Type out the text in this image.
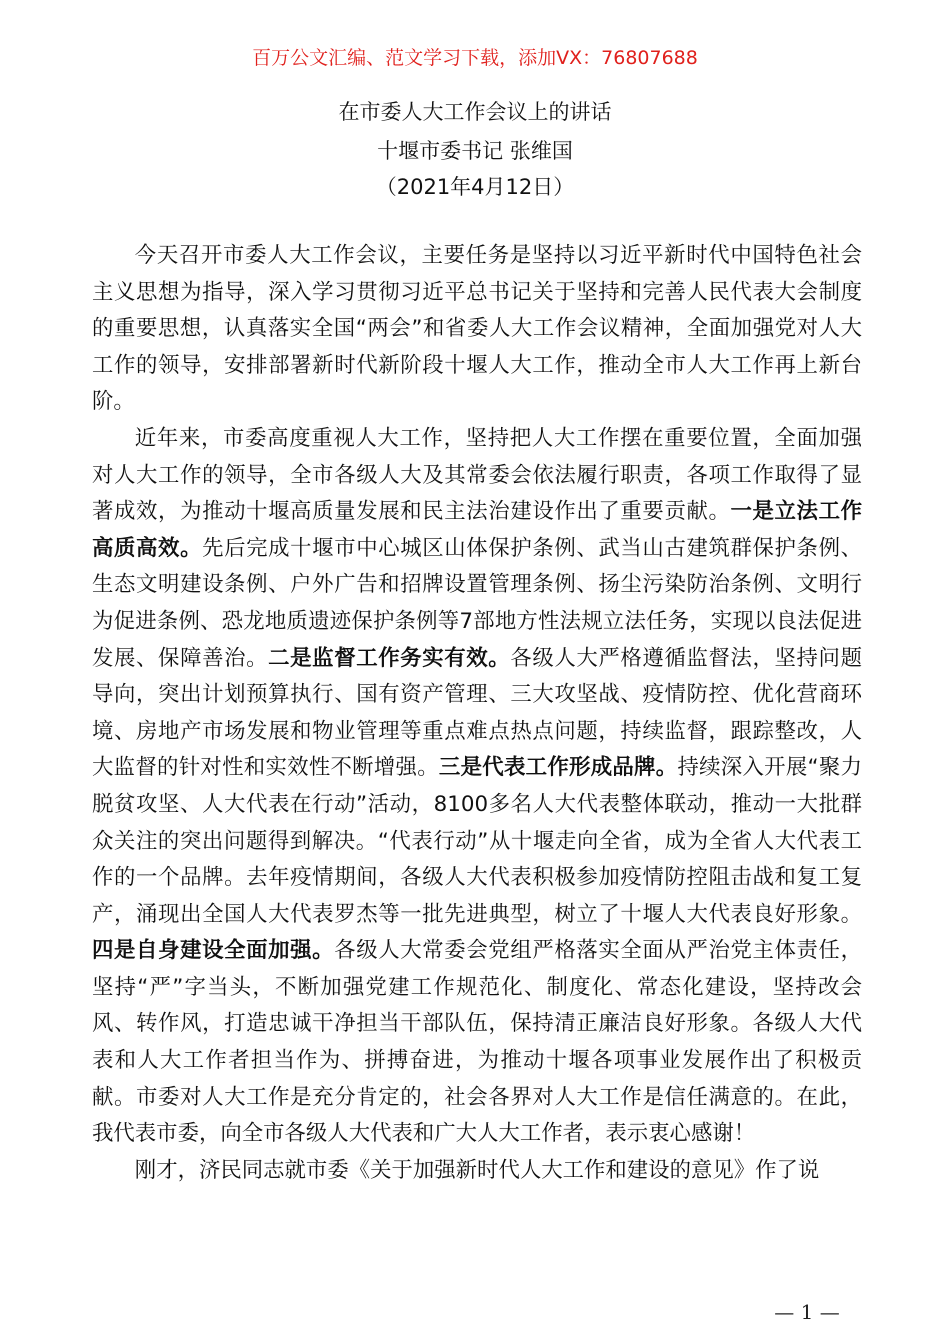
百万公文汇编、范文学习下载，添加VX：76807688
在市委人大工作会议上的讲话
十堰市委书记 张维国
（2021年4月12日）

今天召开市委人大工作会议，主要任务是坚持以习近平新时代中国特色社会主义思想为指导，深入学习贯彻习近平总书记关于坚持和完善人民代表大会制度的重要思想，认真落实全国“两会”和省委人大工作会议精神，全面加强党对人大工作的领导，安排部署新时代新阶段十堰人大工作，推动全市人大工作再上新台阶。

近年来，市委高度重视人大工作，坚持把人大工作摆在重要位置，全面加强对人大工作的领导，全市各级人大及其常委会依法履行职责，各项工作取得了显著成效，为推动十堰高质量发展和民主法治建设作出了重要贡献。一是立法工作高质高效。先后完成十堰市中心城区山体保护条例、武当山古建筑群保护条例、生态文明建设条例、户外广告和招牌设置管理条例、扬尘污染防治条例、文明行为促进条例、恐龙地质遗迹保护条例等7部地方性法规立法任务，实现以良法促进发展、保障善治。二是监督工作务实有效。各级人大严格遵循监督法，坚持问题导向，突出计划预算执行、国有资产管理、三大攻坚战、疫情防控、优化营商环境、房地产市场发展和物业管理等重点难点热点问题，持续监督，跟踪整改，人大监督的针对性和实效性不断增强。三是代表工作形成品牌。持续深入开展“聚力脱贫攻坚、人大代表在行动”活动，8100多名人大代表整体联动，推动一大批群众关注的突出问题得到解决。“代表行动”从十堰走向全省，成为全省人大代表工作的一个品牌。去年疫情期间，各级人大代表积极参加疫情防控阻击战和复工复产，涌现出全国人大代表罗杰等一批先进典型，树立了十堰人大代表良好形象。四是自身建设全面加强。各级人大常委会党组严格落实全面从严治党主体责任，坚持“严”字当头，不断加强党建工作规范化、制度化、常态化建设，坚持改会风、转作风，打造忠诚干净担当干部队伍，保持清正廉洁良好形象。各级人大代表和人大工作者担当作为、拼搏奋进，为推动十堰各项事业发展作出了积极贡献。市委对人大工作是充分肯定的，社会各界对人大工作是信任满意的。在此，我代表市委，向全市各级人大代表和广大人大工作者，表示衷心感谢！

刚才，济民同志就市委《关于加强新时代人大工作和建设的意见》作了说

— 1 —
